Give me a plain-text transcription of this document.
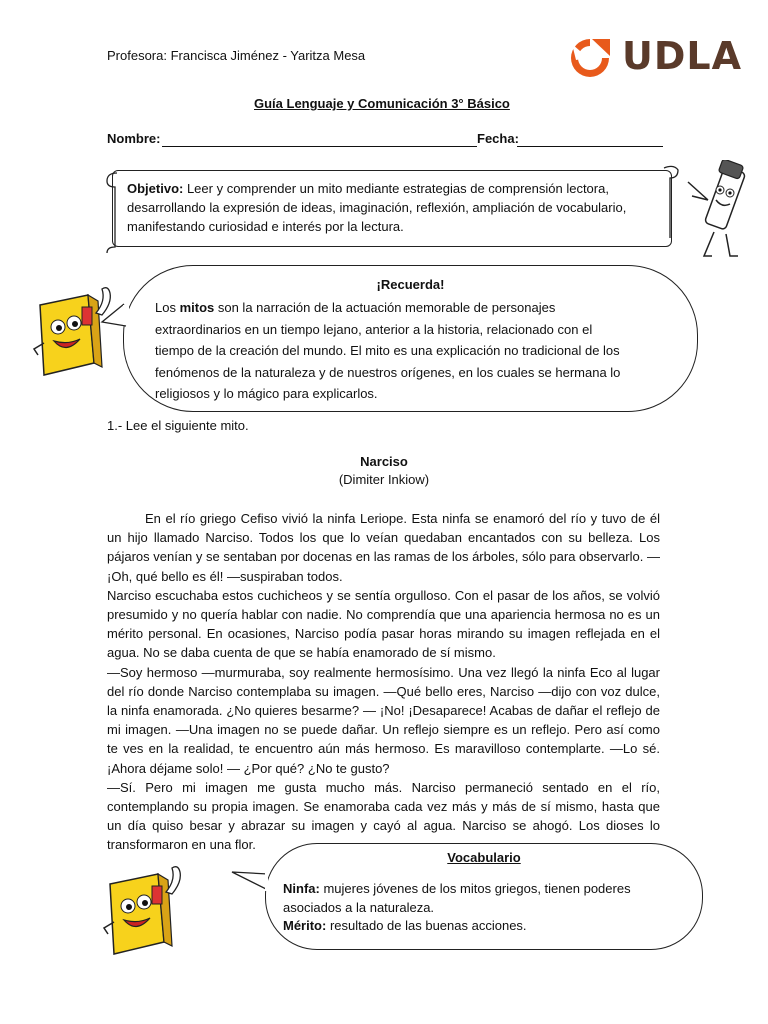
Profesora: Francisca Jiménez - Yaritza Mesa	UDLA
Guía Lenguaje y Comunicación 3° Básico
Nombre:	Fecha:
Objetivo: Leer y comprender un mito mediante estrategias de comprensión lectora,
desarrollando la expresión de ideas, imaginación, reflexión, ampliación de vocabulario,
manifestando curiosidad e interés por la lectura.
¡Recuerda!
Los mitos son la narración de la actuación memorable de personajes
extraordinarios en un tiempo lejano, anterior a la historia, relacionado con el
tiempo de la creación del mundo. El mito es una explicación no tradicional de los
fenómenos de la naturaleza y de nuestros orígenes, en los cuales se hermana lo
religiosos y lo mágico para explicarlos.
1.- Lee el siguiente mito.
Narciso
(Dimiter Inkiow)

En el río griego Cefiso vivió la ninfa Leriope. Esta ninfa se enamoró del río y tuvo de él un hijo llamado Narciso. Todos los que lo veían quedaban encantados con su belleza. Los pájaros venían y se sentaban por docenas en las ramas de los árboles, sólo para observarlo. — ¡Oh, qué bello es él! —suspiraban todos.

Narciso escuchaba estos cuchicheos y se sentía orgulloso. Con el pasar de los años, se volvió presumido y no quería hablar con nadie. No comprendía que una apariencia hermosa no es un mérito personal. En ocasiones, Narciso podía pasar horas mirando su imagen reflejada en el agua. No se daba cuenta de que se había enamorado de sí mismo.

—Soy hermoso —murmuraba, soy realmente hermosísimo. Una vez llegó la ninfa Eco al lugar del río donde Narciso contemplaba su imagen. —Qué bello eres, Narciso —dijo con voz dulce, la ninfa enamorada. ¿No quieres besarme? — ¡No! ¡Desaparece! Acabas de dañar el reflejo de mi imagen. —Una imagen no se puede dañar. Un reflejo siempre es un reflejo. Pero así como te ves en la realidad, te encuentro aún más hermoso. Es maravilloso contemplarte. —Lo sé. ¡Ahora déjame solo! — ¿Por qué? ¿No te gusto?

—Sí. Pero mi imagen me gusta mucho más. Narciso permaneció sentado en el río, contemplando su propia imagen. Se enamoraba cada vez más y más de sí mismo, hasta que un día quiso besar y abrazar su imagen y cayó al agua. Narciso se ahogó. Los dioses lo transformaron en una flor.

Vocabulario
Ninfa: mujeres jóvenes de los mitos griegos, tienen poderes
asociados a la naturaleza.
Mérito: resultado de las buenas acciones.
